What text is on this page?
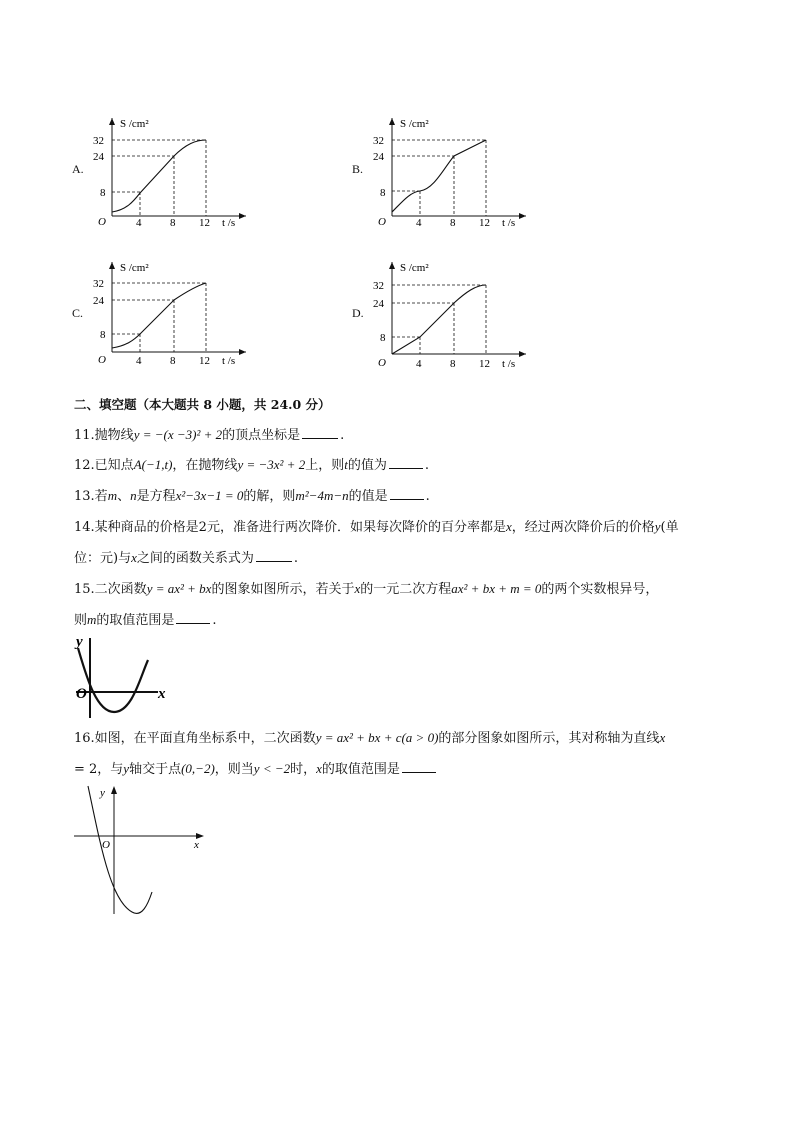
A.
S /cm²
32
24
8
O	4	8 12 t /s
B.
S /cm²
32
24
8
O	4	8 12 t /s
C.
S /cm²
32
24
8
O	4	8 12 t /s
D.
S /cm²
32
24
8
O	4	8 12 t /s
二、填空题（本大题共 8 小题，共 24.0 分）
11.抛物线y = −(x −3)² + 2的顶点坐标是	.
12.已知点A(−1,t)，在抛物线y = −3x² + 2上，则t的值为	.
13.若m、n是方程x²−3x−1 = 0的解，则m²−4m−n的值是	.
14.某种商品的价格是2元，准备进行两次降价．如果每次降价的百分率都是x，经过两次降价后的价格y(单
位：元)与x之间的函数关系式为	.
15.二次函数y = ax² + bx的图象如图所示，若关于x的一元二次方程ax² + bx + m = 0的两个实数根异号，
则m的取值范围是	.
y
x
O
16.如图，在平面直角坐标系中，二次函数y = ax² + bx + c(a > 0)的部分图象如图所示，其对称轴为直线x
= 2，与y轴交于点(0,−2)，则当y < −2时，x的取值范围是
y
x
O
